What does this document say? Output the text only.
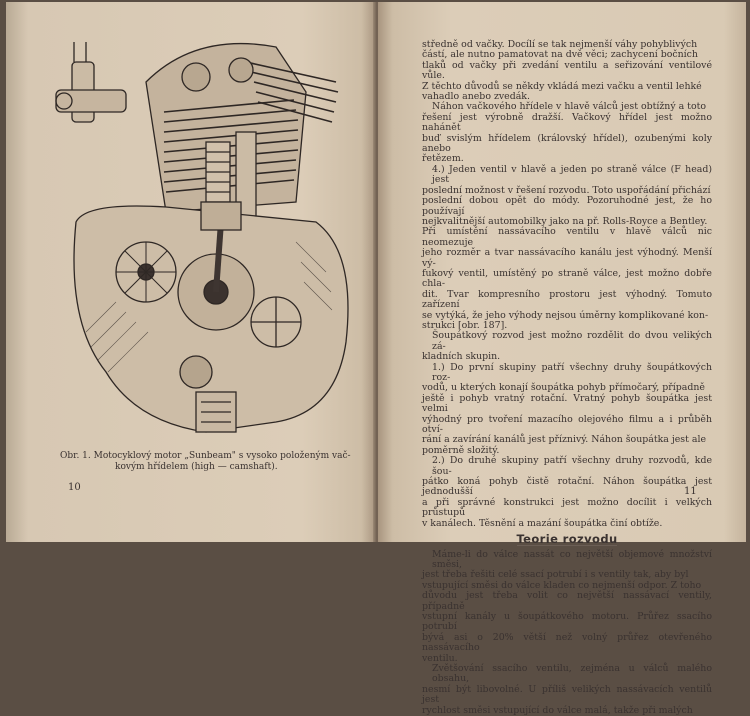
Obr. 1. Motocyklový motor „Sunbeam" s vysoko položeným vač-
kovým hřídelem (high — camshaft).
10
středně od vačky. Docílí se tak nejmenší váhy pohyblivých
částí, ale nutno pamatovat na dvě věci; zachycení bočních
tlaků od vačky při zvedání ventilu a seřizování ventilové vůle.
Z těchto důvodů se někdy vkládá mezi vačku a ventil lehké
vahadlo anebo zvedák.
Náhon vačkového hřídele v hlavě válců jest obtížný a toto
řešení jest výrobně dražší. Vačkový hřídel jest možno nahánět
buď svislým hřídelem (královský hřídel), ozubenými koly anebo
řetězem.
4.) Jeden ventil v hlavě a jeden po straně válce (F head) jest
poslední možnost v řešení rozvodu. Toto uspořádání přichází
poslední dobou opět do módy. Pozoruhodné jest, že ho používají
nejkvalitnější automobilky jako na př. Rolls-Royce a Bentley.
Při umístění nassávacího ventilu v hlavě válců nic neomezuje
jeho rozměr a tvar nassávacího kanálu jest výhodný. Menší vý-
fukový ventil, umístěný po straně válce, jest možno dobře chla-
dit. Tvar kompresního prostoru jest výhodný. Tomuto zařízení
se vytýká, že jeho výhody nejsou úměrny komplikované kon-
strukci [obr. 187].
Šoupátkový rozvod jest možno rozdělit do dvou velikých zá-
kladních skupin.
1.) Do první skupiny patří všechny druhy šoupátkových roz-
vodů, u kterých konají šoupátka pohyb přímočarý, případně
ještě i pohyb vratný rotační. Vratný pohyb šoupátka jest velmi
výhodný pro tvoření mazacího olejového filmu a i průběh otví-
rání a zavírání kanálů jest příznivý. Náhon šoupátka jest ale
poměrně složitý.
2.) Do druhé skupiny patří všechny druhy rozvodů, kde šou-
pátko koná pohyb čistě rotační. Náhon šoupátka jest jednodušší
a při správné konstrukci jest možno docílit i velkých průstupů
v kanálech. Těsnění a mazání šoupátka činí obtíže.
Teorie rozvodu
Máme-li do válce nassát co největší objemové množství směsi,
jest třeba řešiti celé ssací potrubí i s ventily tak, aby byl
vstupující směsi do válce kladen co nejmenší odpor. Z toho
důvodu jest třeba volit co největší nassávací ventily, případně
vstupní kanály u šoupátkového motoru. Průřez ssacího potrubí
bývá asi o 20% větší než volný průřez otevřeného nassávacího
ventilu.
Zvětšování ssacího ventilu, zejména u válců malého obsahu,
nesmí být libovolné. U příliš velikých nassávacích ventilů jest
rychlost směsi vstupující do válce malá, takže při malých
11
